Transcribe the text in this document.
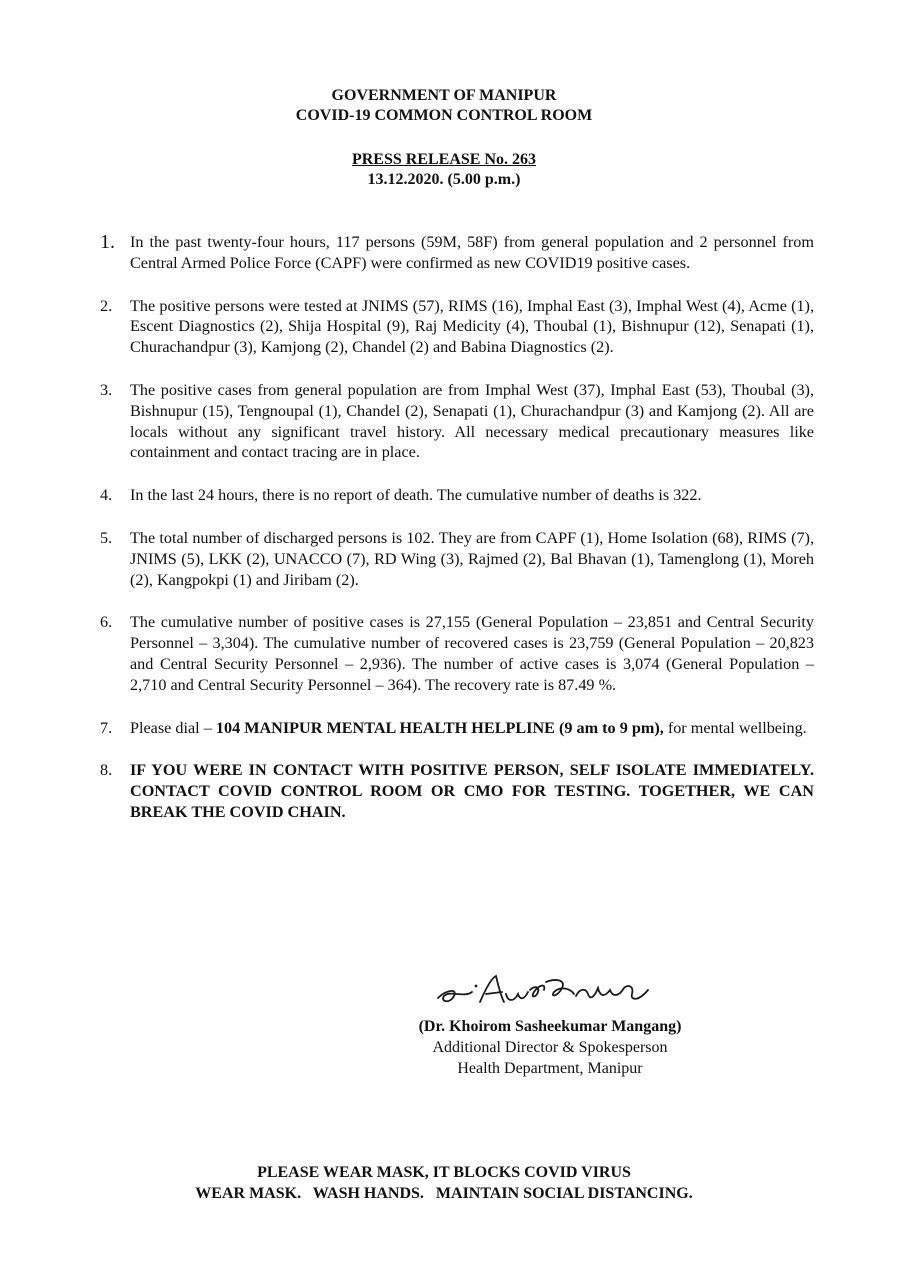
GOVERNMENT OF MANIPUR
COVID-19 COMMON CONTROL ROOM
PRESS RELEASE No. 263
13.12.2020. (5.00 p.m.)
1. In the past twenty-four hours, 117 persons (59M, 58F) from general population and 2 personnel from Central Armed Police Force (CAPF) were confirmed as new COVID19 positive cases.
2.	The positive persons were tested at JNIMS (57), RIMS (16), Imphal East (3), Imphal West (4), Acme (1), Escent Diagnostics (2), Shija Hospital (9), Raj Medicity (4), Thoubal (1), Bishnupur (12), Senapati (1), Churachandpur (3), Kamjong (2), Chandel (2) and Babina Diagnostics (2).
3.	The positive cases from general population are from Imphal West (37), Imphal East (53), Thoubal (3), Bishnupur (15), Tengnoupal (1), Chandel (2), Senapati (1), Churachandpur (3) and Kamjong (2). All are locals without any significant travel history. All necessary medical precautionary measures like containment and contact tracing are in place.
4.	In the last 24 hours, there is no report of death. The cumulative number of deaths is 322.
5.	The total number of discharged persons is 102. They are from CAPF (1), Home Isolation (68), RIMS (7), JNIMS (5), LKK (2), UNACCO (7), RD Wing (3), Rajmed (2), Bal Bhavan (1), Tamenglong (1), Moreh (2), Kangpokpi (1) and Jiribam (2).
6.	The cumulative number of positive cases is 27,155 (General Population – 23,851 and Central Security Personnel – 3,304). The cumulative number of recovered cases is 23,759 (General Population – 20,823 and Central Security Personnel – 2,936). The number of active cases is 3,074 (General Population – 2,710 and Central Security Personnel – 364). The recovery rate is 87.49 %.
7.	Please dial – 104 MANIPUR MENTAL HEALTH HELPLINE (9 am to 9 pm), for mental wellbeing.
8.	IF YOU WERE IN CONTACT WITH POSITIVE PERSON, SELF ISOLATE IMMEDIATELY. CONTACT COVID CONTROL ROOM OR CMO FOR TESTING. TOGETHER, WE CAN BREAK THE COVID CHAIN.
(Dr. Khoirom Sasheekumar Mangang)
Additional Director & Spokesperson
Health Department, Manipur
PLEASE WEAR MASK, IT BLOCKS COVID VIRUS
WEAR MASK.   WASH HANDS.   MAINTAIN SOCIAL DISTANCING.
